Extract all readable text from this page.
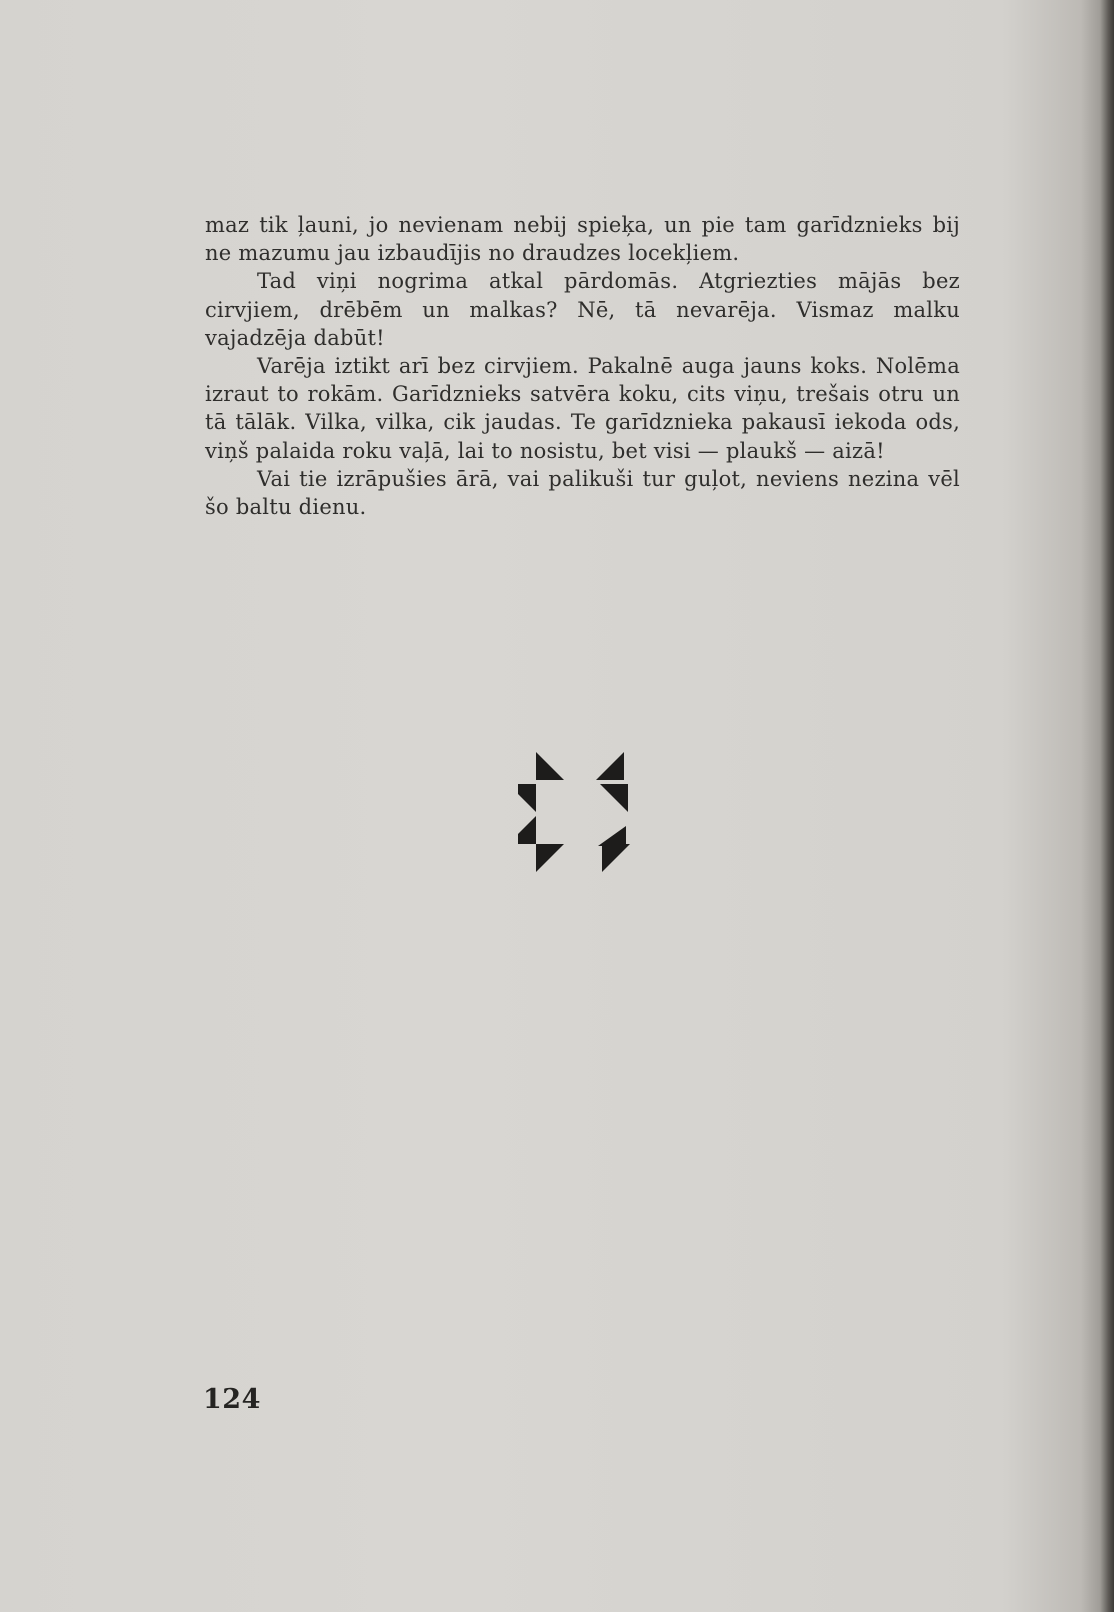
maz tik ļauni, jo nevienam nebij spieķa, un pie tam garīdznieks bij ne mazumu jau izbaudījis no draudzes locekļiem.

Tad viņi nogrima atkal pārdomās. Atgriezties mājās bez cirvjiem, drēbēm un malkas? Nē, tā nevarēja. Vismaz malku vajadzēja dabūt!

Varēja iztikt arī bez cirvjiem. Pakalnē auga jauns koks. Nolēma izraut to rokām. Garīdznieks satvēra koku, cits viņu, trešais otru un tā tālāk. Vilka, vilka, cik jaudas. Te garīdznieka pakausī iekoda ods, viņš palaida roku vaļā, lai to nosistu, bet visi — plaukš — aizā!

Vai tie izrāpušies ārā, vai palikuši tur guļot, neviens nezina vēl šo baltu dienu.

124
